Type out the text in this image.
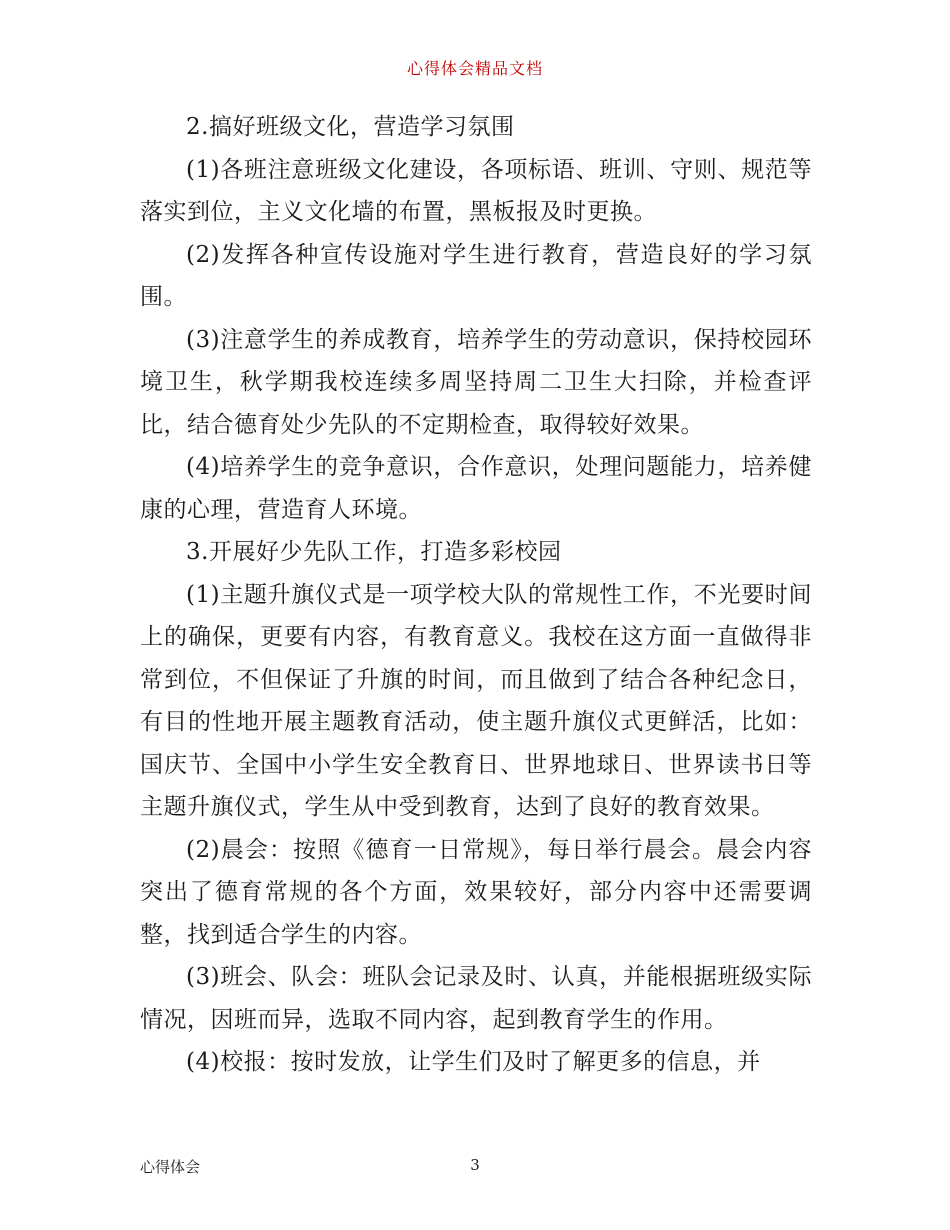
心得体会精品文档

2.搞好班级文化，营造学习氛围

(1)各班注意班级文化建设，各项标语、班训、守则、规范等落实到位，主义文化墙的布置，黑板报及时更换。

(2)发挥各种宣传设施对学生进行教育，营造良好的学习氛围。

(3)注意学生的养成教育，培养学生的劳动意识，保持校园环境卫生，秋学期我校连续多周坚持周二卫生大扫除，并检查评比，结合德育处少先队的不定期检查，取得较好效果。

(4)培养学生的竞争意识，合作意识，处理问题能力，培养健康的心理，营造育人环境。

3.开展好少先队工作，打造多彩校园

(1)主题升旗仪式是一项学校大队的常规性工作，不光要时间上的确保，更要有内容，有教育意义。我校在这方面一直做得非常到位，不但保证了升旗的时间，而且做到了结合各种纪念日，有目的性地开展主题教育活动，使主题升旗仪式更鲜活，比如：国庆节、全国中小学生安全教育日、世界地球日、世界读书日等主题升旗仪式，学生从中受到教育，达到了良好的教育效果。

(2)晨会：按照《德育一日常规》，每日举行晨会。晨会内容突出了德育常规的各个方面，效果较好，部分内容中还需要调整，找到适合学生的内容。

(3)班会、队会：班队会记录及时、认真，并能根据班级实际情况，因班而异，选取不同内容，起到教育学生的作用。

(4)校报：按时发放，让学生们及时了解更多的信息，并

心得体会	3
